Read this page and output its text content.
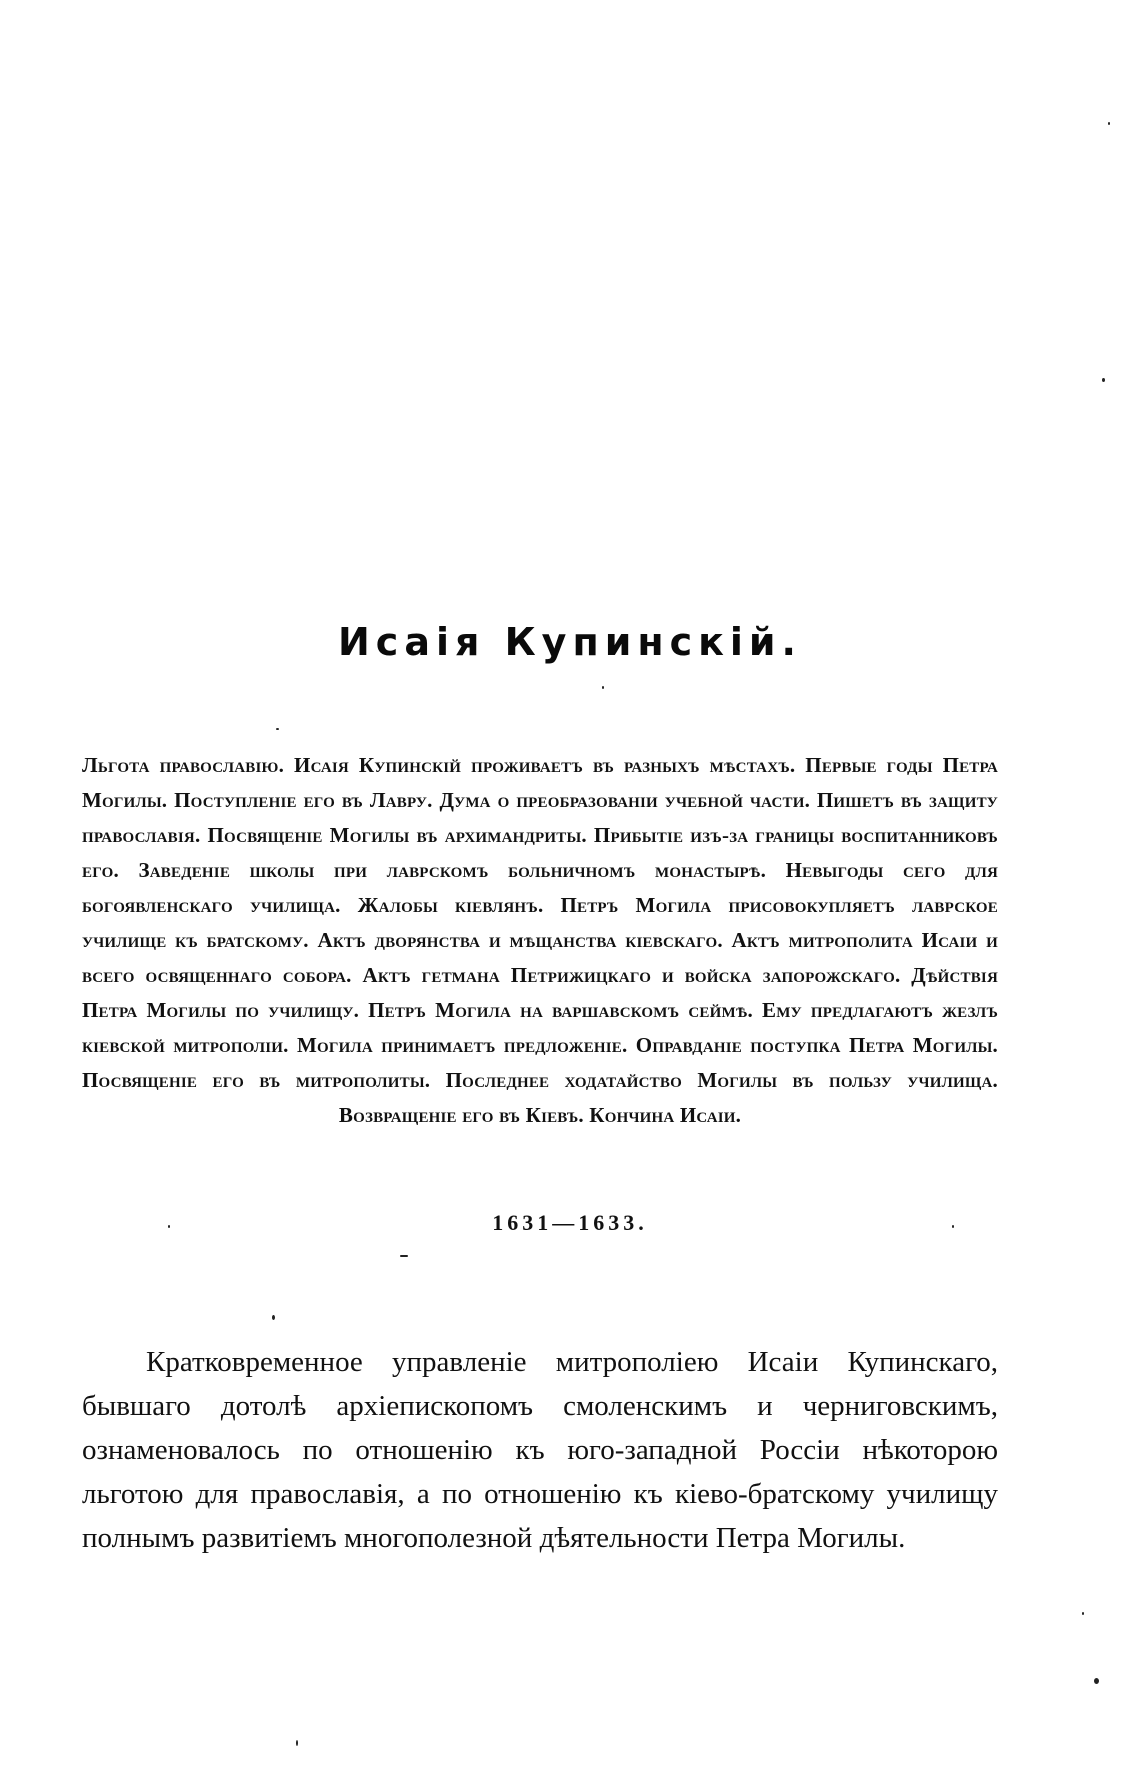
Исаія Купинскій.

Льгота православію. Исаія Купинскій проживаетъ въ разныхъ мѣстахъ. Первые годы Петра Могилы. Поступленіе его въ Лавру. Дума о преобразованіи учебной части. Пишетъ въ защиту православія. Посвященіе Могилы въ архимандриты. Прибытіе изъ-за границы воспитанниковъ его. Заведеніе школы при лаврскомъ больничномъ монастырѣ. Невыгоды сего для богоявленскаго училища. Жалобы кіевлянъ. Петръ Могила присовокупляетъ лаврское училище къ братскому. Актъ дворянства и мѣщанства кіевскаго. Актъ митрополита Исаіи и всего освященнаго собора. Актъ гетмана Петрижицкаго и войска запорожскаго. Дѣйствія Петра Могилы по училищу. Петръ Могила на варшавскомъ сеймѣ. Ему предлагаютъ жезлъ кіевской митрополіи. Могила принимаетъ предложеніе. Оправданіе поступка Петра Могилы. Посвященіе его въ митрополиты. Последнее ходатайство Могилы въ пользу училища. Возвращеніе его въ Кіевъ. Кончина Исаіи.

1631—1633.

Кратковременное управленіе митрополіею Исаіи Купинскаго, бывшаго дотолѣ архіепископомъ смоленскимъ и черниговскимъ, ознаменовалось по отношенію къ юго-западной Россіи нѣкоторою льготою для православія, а по отношенію къ кіево-братскому училищу полнымъ развитіемъ многополезной дѣятельности Петра Могилы.
